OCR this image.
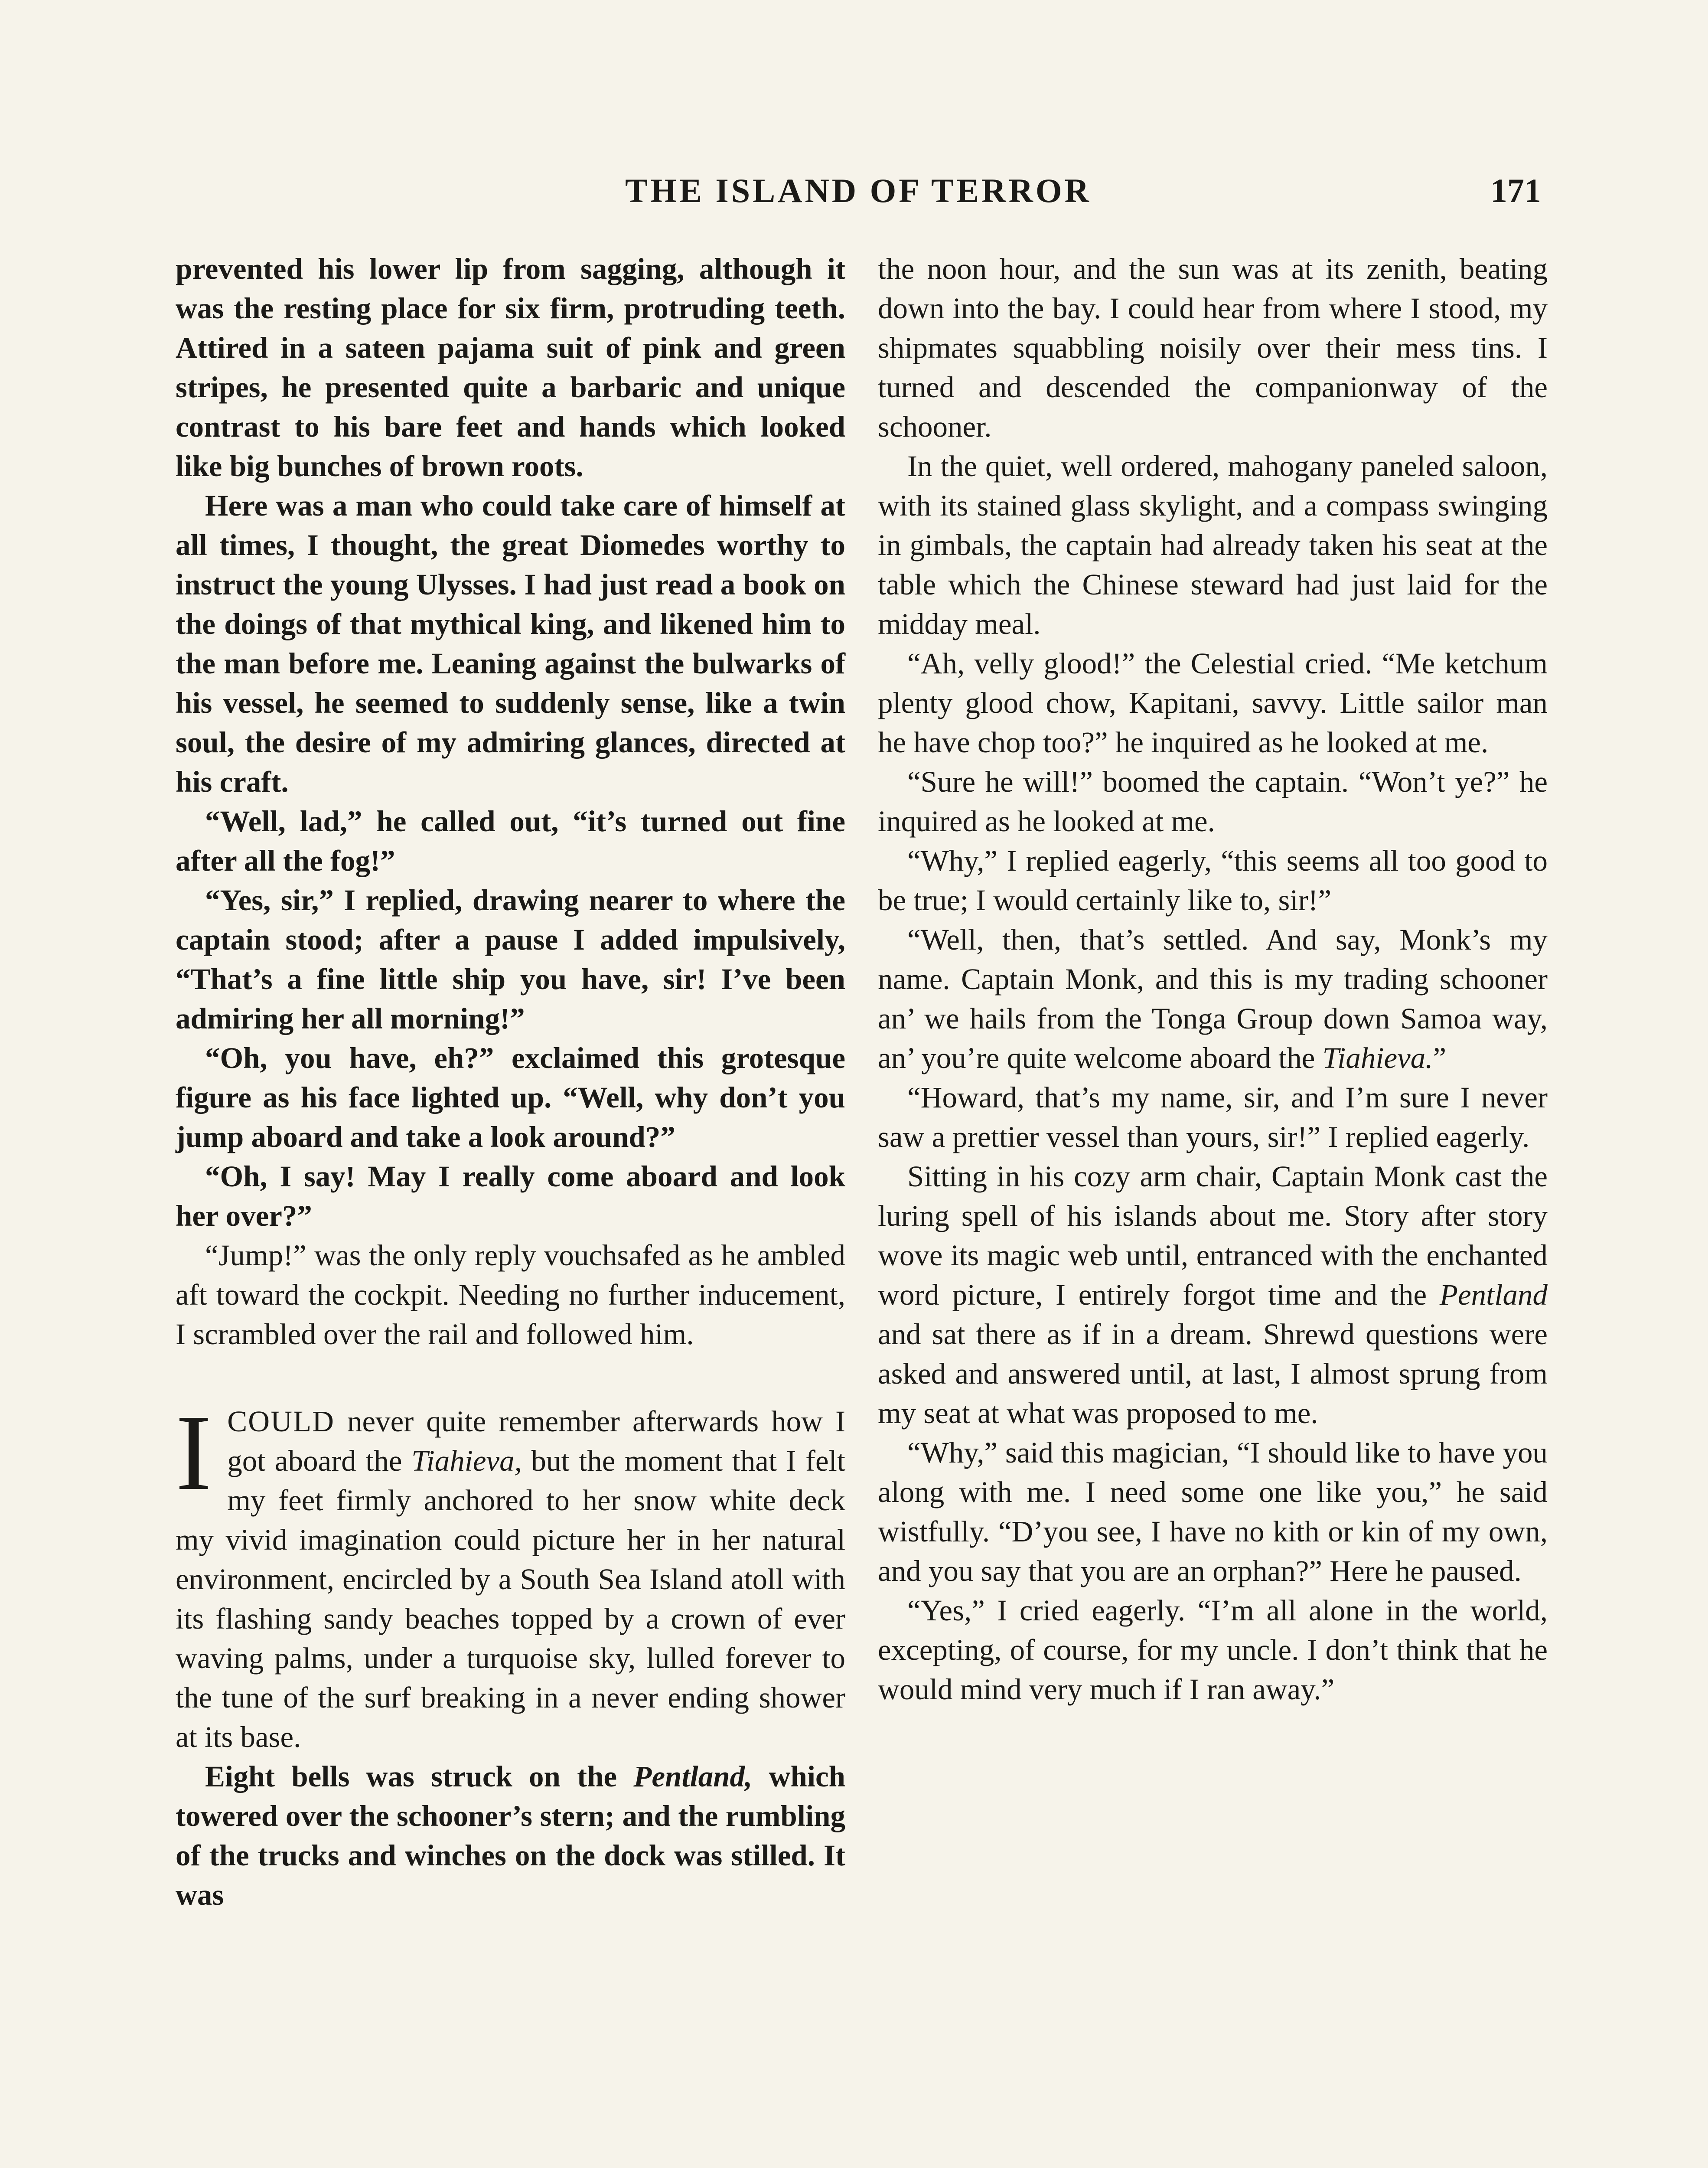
THE ISLAND OF TERROR	171

prevented his lower lip from sagging, although it was the resting place for six firm, protruding teeth. Attired in a sateen pajama suit of pink and green stripes, he presented quite a barbaric and unique contrast to his bare feet and hands which looked like big bunches of brown roots.

Here was a man who could take care of himself at all times, I thought, the great Diomedes worthy to instruct the young Ulysses. I had just read a book on the doings of that mythical king, and likened him to the man before me. Leaning against the bulwarks of his vessel, he seemed to suddenly sense, like a twin soul, the desire of my admiring glances, directed at his craft.

“Well, lad,” he called out, “it’s turned out fine after all the fog!”

“Yes, sir,” I replied, drawing nearer to where the captain stood; after a pause I added impulsively, “That’s a fine little ship you have, sir! I’ve been admiring her all morning!”

“Oh, you have, eh?” exclaimed this grotesque figure as his face lighted up. “Well, why don’t you jump aboard and take a look around?”

“Oh, I say! May I really come aboard and look her over?”

“Jump!” was the only reply vouchsafed as he ambled aft toward the cockpit. Needing no further inducement, I scrambled over the rail and followed him.

ICOULD never quite remember afterwards how I got aboard the Tiahieva, but the moment that I felt my feet firmly anchored to her snow white deck my vivid imagination could picture her in her natural environment, encircled by a South Sea Island atoll with its flashing sandy beaches topped by a crown of ever waving palms, under a turquoise sky, lulled forever to the tune of the surf breaking in a never ending shower at its base.

Eight bells was struck on the Pentland, which towered over the schooner’s stern; and the rumbling of the trucks and winches on the dock was stilled. It was

the noon hour, and the sun was at its zenith, beating down into the bay. I could hear from where I stood, my shipmates squabbling noisily over their mess tins. I turned and descended the companionway of the schooner.

In the quiet, well ordered, mahogany paneled saloon, with its stained glass skylight, and a compass swinging in gimbals, the captain had already taken his seat at the table which the Chinese steward had just laid for the midday meal.

“Ah, velly glood!” the Celestial cried. “Me ketchum plenty glood chow, Kapitani, savvy. Little sailor man he have chop too?” he inquired as he looked at me.

“Sure he will!” boomed the captain. “Won’t ye?” he inquired as he looked at me.

“Why,” I replied eagerly, “this seems all too good to be true; I would certainly like to, sir!”

“Well, then, that’s settled. And say, Monk’s my name. Captain Monk, and this is my trading schooner an’ we hails from the Tonga Group down Samoa way, an’ you’re quite welcome aboard the Tiahieva.”

“Howard, that’s my name, sir, and I’m sure I never saw a prettier vessel than yours, sir!” I replied eagerly.

Sitting in his cozy arm chair, Captain Monk cast the luring spell of his islands about me. Story after story wove its magic web until, entranced with the enchanted word picture, I entirely forgot time and the Pentland and sat there as if in a dream. Shrewd questions were asked and answered until, at last, I almost sprung from my seat at what was proposed to me.

“Why,” said this magician, “I should like to have you along with me. I need some one like you,” he said wistfully. “D’you see, I have no kith or kin of my own, and you say that you are an orphan?” Here he paused.

“Yes,” I cried eagerly. “I’m all alone in the world, excepting, of course, for my uncle. I don’t think that he would mind very much if I ran away.”
